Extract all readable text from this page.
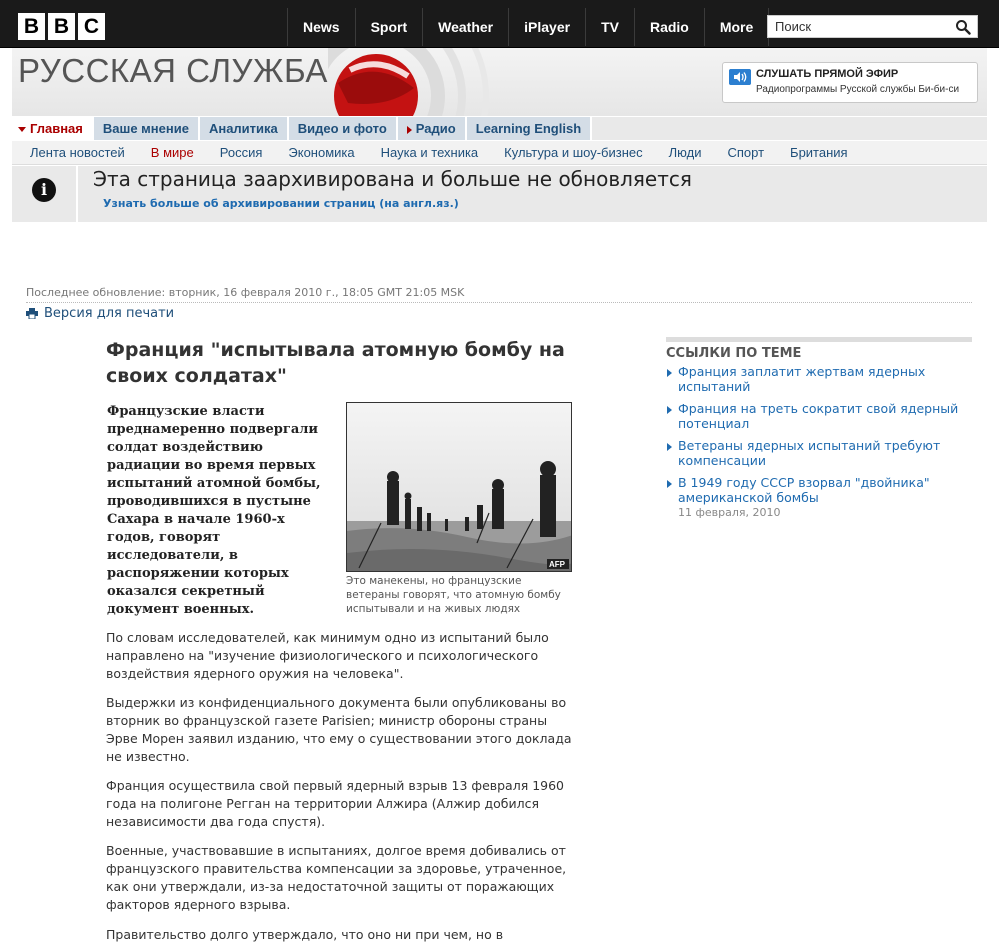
B B C	News	Sport	Weather	iPlayer	TV	Radio	More
Поиск
РУССКАЯ СЛУЖБА	СЛУШАТЬ ПРЯМОЙ ЭФИР
Радиопрограммы Русской службы Би-би-си
Главная	Ваше мнение	Аналитика	Видео и фото	Радио	Learning English
Лента новостей	В мире	Россия	Экономика	Наука и техника	Культура и шоу-бизнес	Люди	Спорт	Британия
i	Эта страница заархивирована и больше не обновляется
Узнать больше об архивировании страниц (на англ.яз.)
Последнее обновление: вторник, 16 февраля 2010 г., 18:05 GMT 21:05 MSK
Версия для печати
Франция "испытывала атомную бомбу на своих солдатах"

Французские власти преднамеренно подвергали солдат воздействию радиации во время первых испытаний атомной бомбы, проводившихся в пустыне Сахара в начале 1960-х годов, говорят исследователи, в распоряжении которых оказался секретный документ военных.

AFP

Это манекены, но французские ветераны говорят, что атомную бомбу испытывали и на живых людях

По словам исследователей, как минимум одно из испытаний было направлено на "изучение физиологического и психологического воздействия ядерного оружия на человека".

Выдержки из конфиденциального документа были опубликованы во вторник во французской газете Parisien; министр обороны страны Эрве Морен заявил изданию, что ему о существовании этого доклада не известно.

Франция осуществила свой первый ядерный взрыв 13 февраля 1960 года на полигоне Регган на территории Алжира (Алжир добился независимости два года спустя).

Военные, участвовавшие в испытаниях, долгое время добивались от французского правительства компенсации за здоровье, утраченное, как они утверждали, из-за недостаточной защиты от поражающих факторов ядерного взрыва.

Правительство долго утверждало, что оно ни при чем, но в

ССЫЛКИ ПО ТЕМЕ
Франция заплатит жертвам ядерных испытаний
Франция на треть сократит свой ядерный потенциал
Ветераны ядерных испытаний требуют компенсации
В 1949 году СССР взорвал "двойника" американской бомбы
11 февраля, 2010
